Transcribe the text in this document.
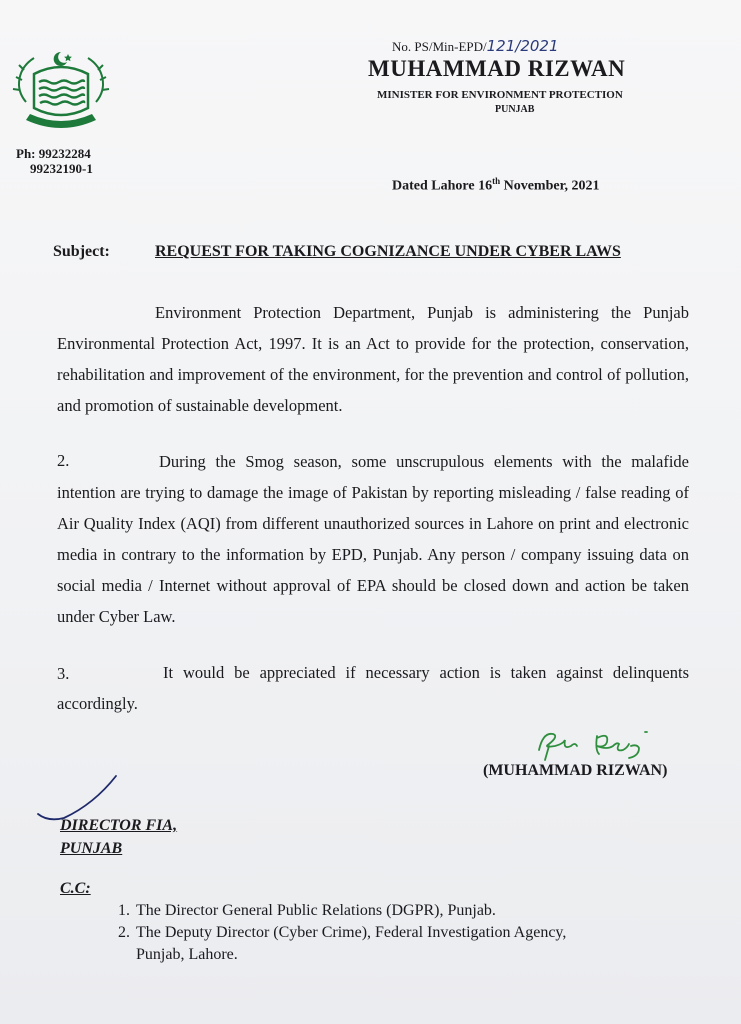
Ph: 99232284
99232190-1
No. PS/Min-EPD/121/2021
MUHAMMAD RIZWAN
MINISTER FOR ENVIRONMENT PROTECTION
PUNJAB
Dated Lahore 16th November, 2021
Subject:	REQUEST FOR TAKING COGNIZANCE UNDER CYBER LAWS
Environment Protection Department, Punjab is administering the Punjab Environmental Protection Act, 1997. It is an Act to provide for the protection, conservation, rehabilitation and improvement of the environment, for the prevention and control of pollution, and promotion of sustainable development.
2.	During the Smog season, some unscrupulous elements with the malafide intention are trying to damage the image of Pakistan by reporting misleading / false reading of Air Quality Index (AQI) from different unauthorized sources in Lahore on print and electronic media in contrary to the information by EPD, Punjab. Any person / company issuing data on social media / Internet without approval of EPA should be closed down and action be taken under Cyber Law.
3.	It would be appreciated if necessary action is taken against delinquents accordingly.
(MUHAMMAD RIZWAN)
DIRECTOR FIA,
PUNJAB
C.C:
1. The Director General Public Relations (DGPR), Punjab.
2. The Deputy Director (Cyber Crime), Federal Investigation Agency,
Punjab, Lahore.
